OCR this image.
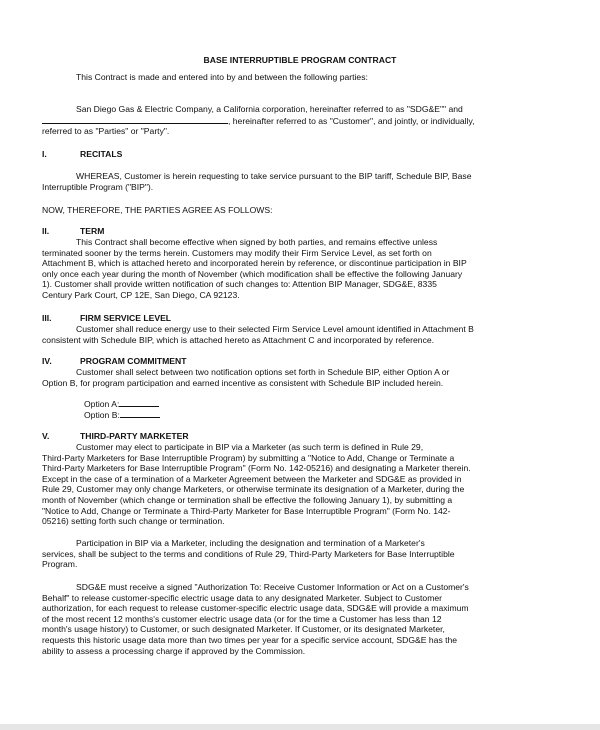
BASE INTERRUPTIBLE PROGRAM CONTRACT

This Contract is made and entered into by and between the following parties:

San Diego Gas & Electric Company, a California corporation, hereinafter referred to as "SDG&E"" and

, hereinafter referred to as "Customer", and jointly, or individually,

referred to as "Parties" or "Party".

I.	RECITALS
WHEREAS, Customer is herein requesting to take service pursuant to the BIP tariff, Schedule BIP, Base
Interruptible Program ("BIP").

NOW, THEREFORE, THE PARTIES AGREE AS FOLLOWS:

II.	TERM
This Contract shall become effective when signed by both parties, and remains effective unless
terminated sooner by the terms herein. Customers may modify their Firm Service Level, as set forth on
Attachment B, which is attached hereto and incorporated herein by reference, or discontinue participation in BIP
only once each year during the month of November (which modification shall be effective the following January
1). Customer shall provide written notification of such changes to: Attention BIP Manager, SDG&E, 8335
Century Park Court, CP 12E, San Diego, CA 92123.
III.	FIRM SERVICE LEVEL
Customer shall reduce energy use to their selected Firm Service Level amount identified in Attachment B
consistent with Schedule BIP, which is attached hereto as Attachment C and incorporated by reference.
IV.	PROGRAM COMMITMENT
Customer shall select between two notification options set forth in Schedule BIP, either Option A or
Option B, for program participation and earned incentive as consistent with Schedule BIP included herein.
Option A:
Option B:
V.	THIRD-PARTY MARKETER
Customer may elect to participate in BIP via a Marketer (as such term is defined in Rule 29,
Third-Party Marketers for Base Interruptible Program) by submitting a "Notice to Add, Change or Terminate a
Third-Party Marketers for Base Interruptible Program" (Form No. 142-05216) and designating a Marketer therein.
Except in the case of a termination of a Marketer Agreement between the Marketer and SDG&E as provided in
Rule 29, Customer may only change Marketers, or otherwise terminate its designation of a Marketer, during the
month of November (which change or termination shall be effective the following January 1), by submitting a
"Notice to Add, Change or Terminate a Third-Party Marketer for Base Interruptible Program" (Form No. 142-
05216) setting forth such change or termination.
Participation in BIP via a Marketer, including the designation and termination of a Marketer's
services, shall be subject to the terms and conditions of Rule 29, Third-Party Marketers for Base Interruptible
Program.
SDG&E must receive a signed "Authorization To: Receive Customer Information or Act on a Customer's
Behalf" to release customer-specific electric usage data to any designated Marketer. Subject to Customer
authorization, for each request to release customer-specific electric usage data, SDG&E will provide a maximum
of the most recent 12 months's customer electric usage data (or for the time a Customer has less than 12
month's usage history) to Customer, or such designated Marketer. If Customer, or its designated Marketer,
requests this historic usage data more than two times per year for a specific service account, SDG&E has the
ability to assess a processing charge if approved by the Commission.
